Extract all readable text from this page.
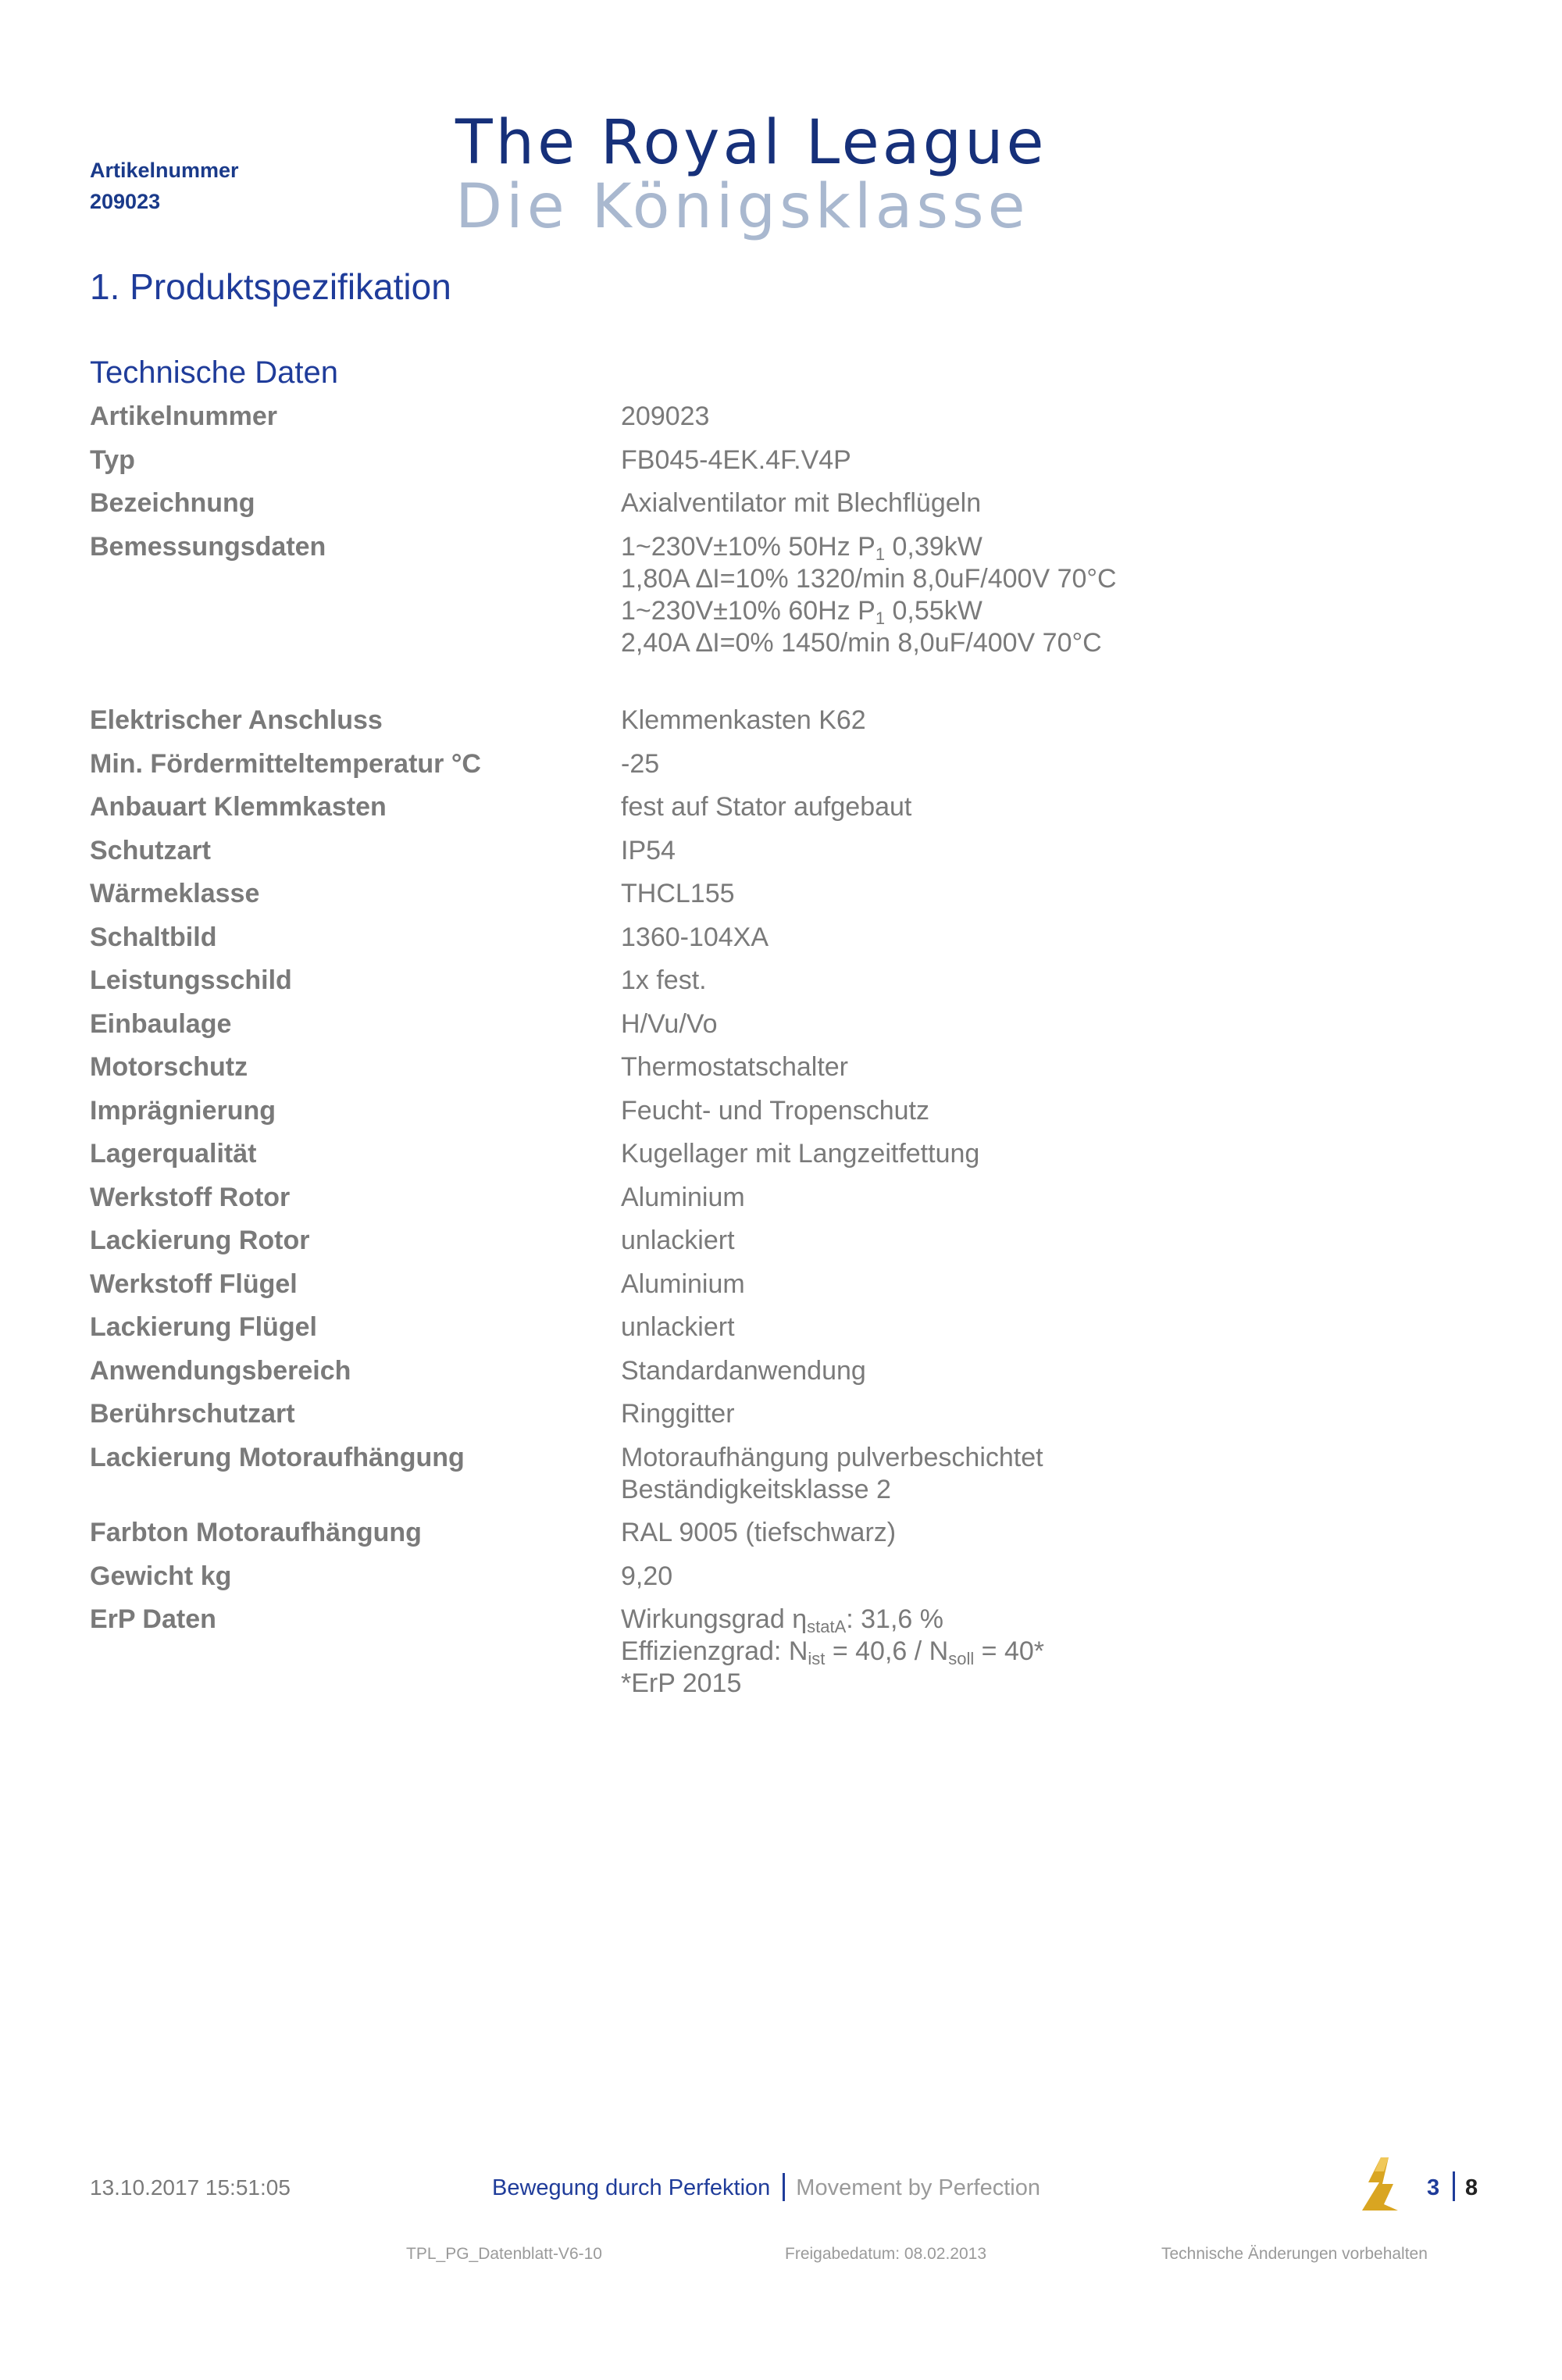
Artikelnummer
209023
The Royal League
Die Königsklasse
1. Produktspezifikation
Technische Daten
Artikelnummer	209023
Typ	FB045-4EK.4F.V4P
Bezeichnung	Axialventilator mit Blechflügeln
Bemessungsdaten	1~230V±10% 50Hz $P_1$ 0,39kW
1,80A ∆I=10% 1320/min 8,0uF/400V 70°C
1~230V±10% 60Hz $P_1$ 0,55kW
2,40A ∆I=0% 1450/min 8,0uF/400V 70°C
Elektrischer Anschluss	Klemmenkasten K62
Min. Fördermitteltemperatur °C	-25
Anbauart Klemmkasten	fest auf Stator aufgebaut
Schutzart	IP54
Wärmeklasse	THCL155
Schaltbild	1360-104XA
Leistungsschild	1x fest.
Einbaulage	H/Vu/Vo
Motorschutz	Thermostatschalter
Imprägnierung	Feucht- und Tropenschutz
Lagerqualität	Kugellager mit Langzeitfettung
Werkstoff Rotor	Aluminium
Lackierung Rotor	unlackiert
Werkstoff Flügel	Aluminium
Lackierung Flügel	unlackiert
Anwendungsbereich	Standardanwendung
Berührschutzart	Ringgitter
Lackierung Motoraufhängung	Motoraufhängung pulverbeschichtet
Beständigkeitsklasse 2
Farbton Motoraufhängung	RAL 9005 (tiefschwarz)
Gewicht kg	9,20
ErP Daten	Wirkungsgrad $\eta_{statA}$: 31,6 %
Effizienzgrad: $N_{ist} = 40,6 / N_{soll} = 40*$
*ErP 2015
13.10.2017 15:51:05	Bewegung durch Perfektion Movement by Perfection	3 8
TPL_PG_Datenblatt-V6-10	Freigabedatum: 08.02.2013	Technische Änderungen vorbehalten
